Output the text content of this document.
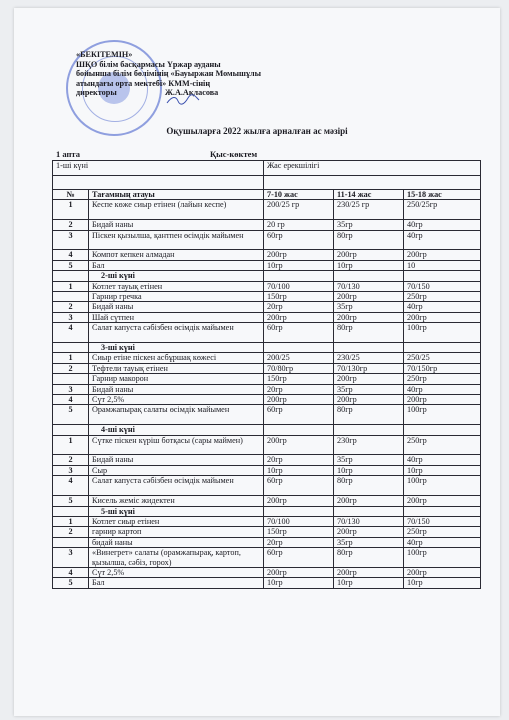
«БЕКІТЕМІН»
ШҚО білім басқармасы Үржар ауданы
бойынша білім бөлімінің «Бауыржан Момышұлы
атындағы орта мектебі» КММ-сінің
директоры	Ж.А.Ақласова
Оқушыларға 2022 жылға арналған ас мәзірі
1 апта	Қыс-көктем
1-ші күні		Жас ерекшілігі		

№	Тағамның атауы	7-10 жас	11-14 жас	15-18 жас
1	Кеспе көже сиыр етінен (лайын кеспе)	200/25 гр	230/25 гр	250/25гр
2	Бидай наны	20 гр	35гр	40гр
3	Піскен қызылша, қантпен өсімдік майымен	60гр	80гр	40гр
4	Компот кепкен алмадан	200гр	200гр	200гр
5	Бал	10гр	10гр	10
	2-ші күні			
1	Котлет тауық етінен	70/100	70/130	70/150
	Гарнир гречка	150гр	200гр	250гр
2	Бидай наны	20гр	35гр	40гр
3	Шай сүтпен	200гр	200гр	200гр
4	Салат капуста сәбізбен өсімдік майымен	60гр	80гр	100гр
	3-ші күні			
1	Сиыр етіне піскен асбұршақ көжесі	200/25	230/25	250/25
2	Тефтели тауық етінен	70/80гр	70/130гр	70/150гр
	Гарнир макорон	150гр	200гр	250гр
3	Бидай наны	20гр	35гр	40гр
4	Сүт 2,5%	200гр	200гр	200гр
5	Орамжапырақ салаты өсімдік майымен	60гр	80гр	100гр
	4-ші күні			
1	Сүтке піскен күріш ботқасы (сары маймен)	200гр	230гр	250гр
2	Бидай наны	20гр	35гр	40гр
3	Сыр	10гр	10гр	10гр
4	Салат капуста сәбізбен өсімдік майымен	60гр	80гр	100гр
5	Кисель жеміс жидектен	200гр	200гр	200гр
	5-ші күні			
1	Котлет сиыр етінен	70/100	70/130	70/150
2	гарнир картоп	150гр	200гр	250гр
	бидай наны	20гр	35гр	40гр
3	«Винегрет» салаты (орамжапырақ, картоп, қызылша, сәбіз, горох)	60гр	80гр	100гр
4	Сүт 2,5%	200гр	200гр	200гр
5	Бал	10гр	10гр	10гр
